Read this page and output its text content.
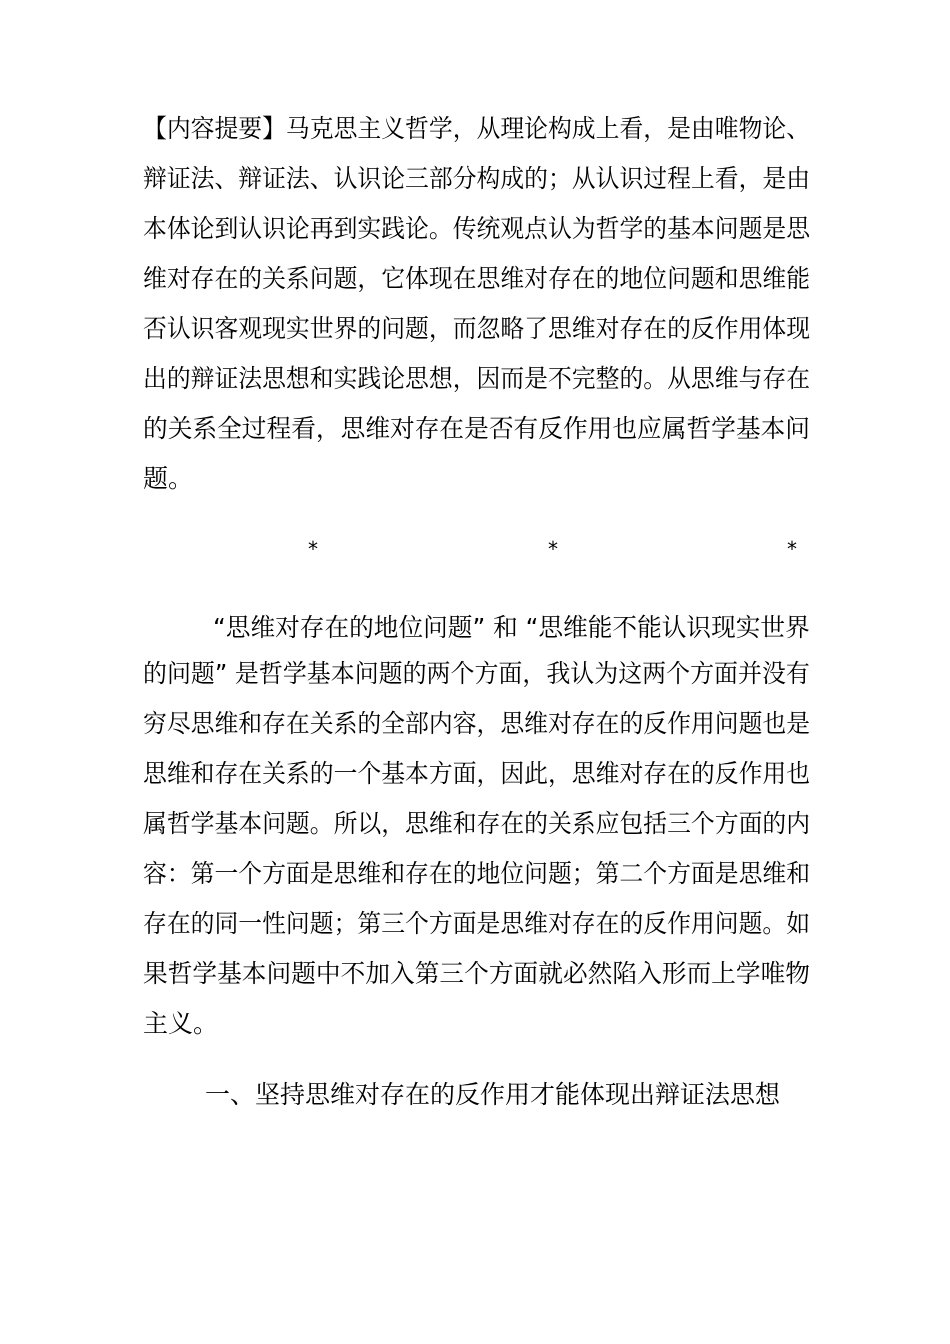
【内容提要】马克思主义哲学，从理论构成上看，是由唯物论、
辩证法、辩证法、认识论三部分构成的；从认识过程上看，是由
本体论到认识论再到实践论。传统观点认为哲学的基本问题是思
维对存在的关系问题，它体现在思维对存在的地位问题和思维能
否认识客观现实世界的问题，而忽略了思维对存在的反作用体现
出的辩证法思想和实践论思想，因而是不完整的。从思维与存在
的关系全过程看，思维对存在是否有反作用也应属哲学基本问
题。
*	*	*
“思维对存在的地位问题” 和 “思维能不能认识现实世界
的问题” 是哲学基本问题的两个方面，我认为这两个方面并没有
穷尽思维和存在关系的全部内容，思维对存在的反作用问题也是
思维和存在关系的一个基本方面，因此，思维对存在的反作用也
属哲学基本问题。所以，思维和存在的关系应包括三个方面的内
容：第一个方面是思维和存在的地位问题；第二个方面是思维和
存在的同一性问题；第三个方面是思维对存在的反作用问题。如
果哲学基本问题中不加入第三个方面就必然陷入形而上学唯物
主义。
一、坚持思维对存在的反作用才能体现出辩证法思想
